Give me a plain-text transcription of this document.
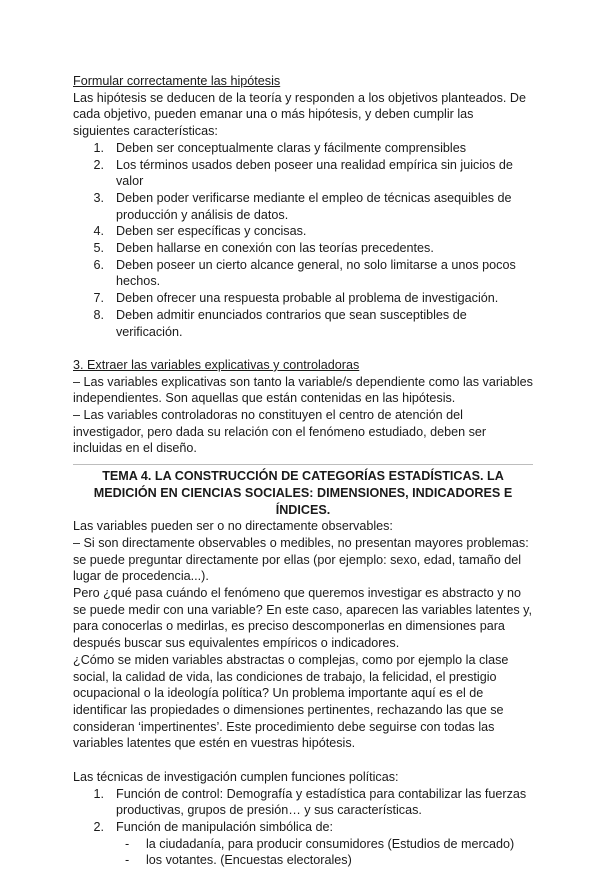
Formular correctamente las hipótesis

Las hipótesis se deducen de la teoría y responden a los objetivos planteados. De cada objetivo, pueden emanar una o más hipótesis, y deben cumplir las siguientes características:

1. Deben ser conceptualmente claras y fácilmente comprensibles
2. Los términos usados deben poseer una realidad empírica sin juicios de valor
3. Deben poder verificarse mediante el empleo de técnicas asequibles de producción y análisis de datos.
4. Deben ser específicas y concisas.
5. Deben hallarse en conexión con las teorías precedentes.
6. Deben poseer un cierto alcance general, no solo limitarse a unos pocos hechos.
7. Deben ofrecer una respuesta probable al problema de investigación.
8. Deben admitir enunciados contrarios que sean susceptibles de verificación.

3. Extraer las variables explicativas y controladoras

– Las variables explicativas son tanto la variable/s dependiente como las variables independientes. Son aquellas que están contenidas en las hipótesis.

– Las variables controladoras no constituyen el centro de atención del investigador, pero dada su relación con el fenómeno estudiado, deben ser incluidas en el diseño.

TEMA 4. LA CONSTRUCCIÓN DE CATEGORÍAS ESTADÍSTICAS. LA MEDICIÓN EN CIENCIAS SOCIALES: DIMENSIONES, INDICADORES E ÍNDICES.

Las variables pueden ser o no directamente observables:

– Si son directamente observables o medibles, no presentan mayores problemas: se puede preguntar directamente por ellas (por ejemplo: sexo, edad, tamaño del lugar de procedencia...).

Pero ¿qué pasa cuándo el fenómeno que queremos investigar es abstracto y no se puede medir con una variable? En este caso, aparecen las variables latentes y, para conocerlas o medirlas, es preciso descomponerlas en dimensiones para después buscar sus equivalentes empíricos o indicadores.

¿Cómo se miden variables abstractas o complejas, como por ejemplo la clase social, la calidad de vida, las condiciones de trabajo, la felicidad, el prestigio ocupacional o la ideología política? Un problema importante aquí es el de identificar las propiedades o dimensiones pertinentes, rechazando las que se consideran ‘impertinentes’. Este procedimiento debe seguirse con todas las variables latentes que estén en vuestras hipótesis.

Las técnicas de investigación cumplen funciones políticas:

1. Función de control: Demografía y estadística para contabilizar las fuerzas productivas, grupos de presión… y sus características.
2. Función de manipulación simbólica de:
-	la ciudadanía, para producir consumidores (Estudios de mercado)
-	los votantes. (Encuestas electorales)
